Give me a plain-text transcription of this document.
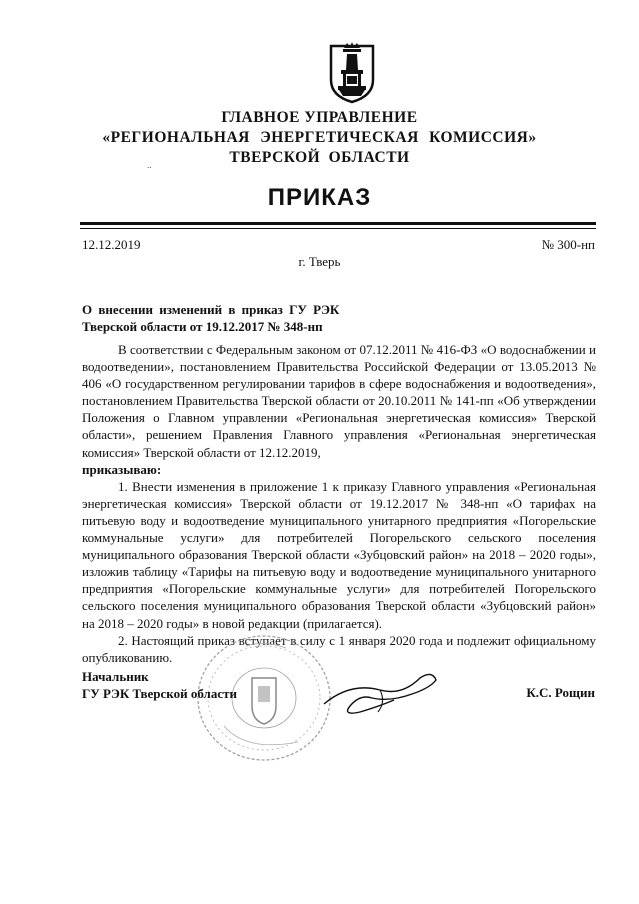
ГЛАВНОЕ УПРАВЛЕНИЕ
«РЕГИОНАЛЬНАЯ ЭНЕРГЕТИЧЕСКАЯ КОМИССИЯ»
ТВЕРСКОЙ ОБЛАСТИ
..
ПРИКАЗ
12.12.2019	№ 300-нп
г. Тверь
О внесении изменений в приказ ГУ РЭК
Тверской области от 19.12.2017 № 348-нп

В соответствии с Федеральным законом от 07.12.2011 № 416-ФЗ «О водоснабжении и водоотведении», постановлением Правительства Российской Федерации от 13.05.2013 № 406 «О государственном регулировании тарифов в сфере водоснабжения и водоотведения», постановлением Правительства Тверской области от 20.10.2011 № 141-пп «Об утверждении Положения о Главном управлении «Региональная энергетическая комиссия» Тверской области», решением Правления Главного управления «Региональная энергетическая комиссия» Тверской области от 12.12.2019,

приказываю:

1. Внести изменения в приложение 1 к приказу Главного управления «Региональная энергетическая комиссия» Тверской области от 19.12.2017 № 348-нп «О тарифах на питьевую воду и водоотведение муниципального унитарного предприятия «Погорельские коммунальные услуги» для потребителей Погорельского сельского поселения муниципального образования Тверской области «Зубцовский район» на 2018 – 2020 годы», изложив таблицу «Тарифы на питьевую воду и водоотведение муниципального унитарного предприятия «Погорельские коммунальные услуги» для потребителей Погорельского сельского поселения муниципального образования Тверской области «Зубцовский район» на 2018 – 2020 годы» в новой редакции (прилагается).

2. Настоящий приказ вступает в силу с 1 января 2020 года и подлежит официальному опубликованию.

Начальник
ГУ РЭК Тверской области	К.С. Рощин
